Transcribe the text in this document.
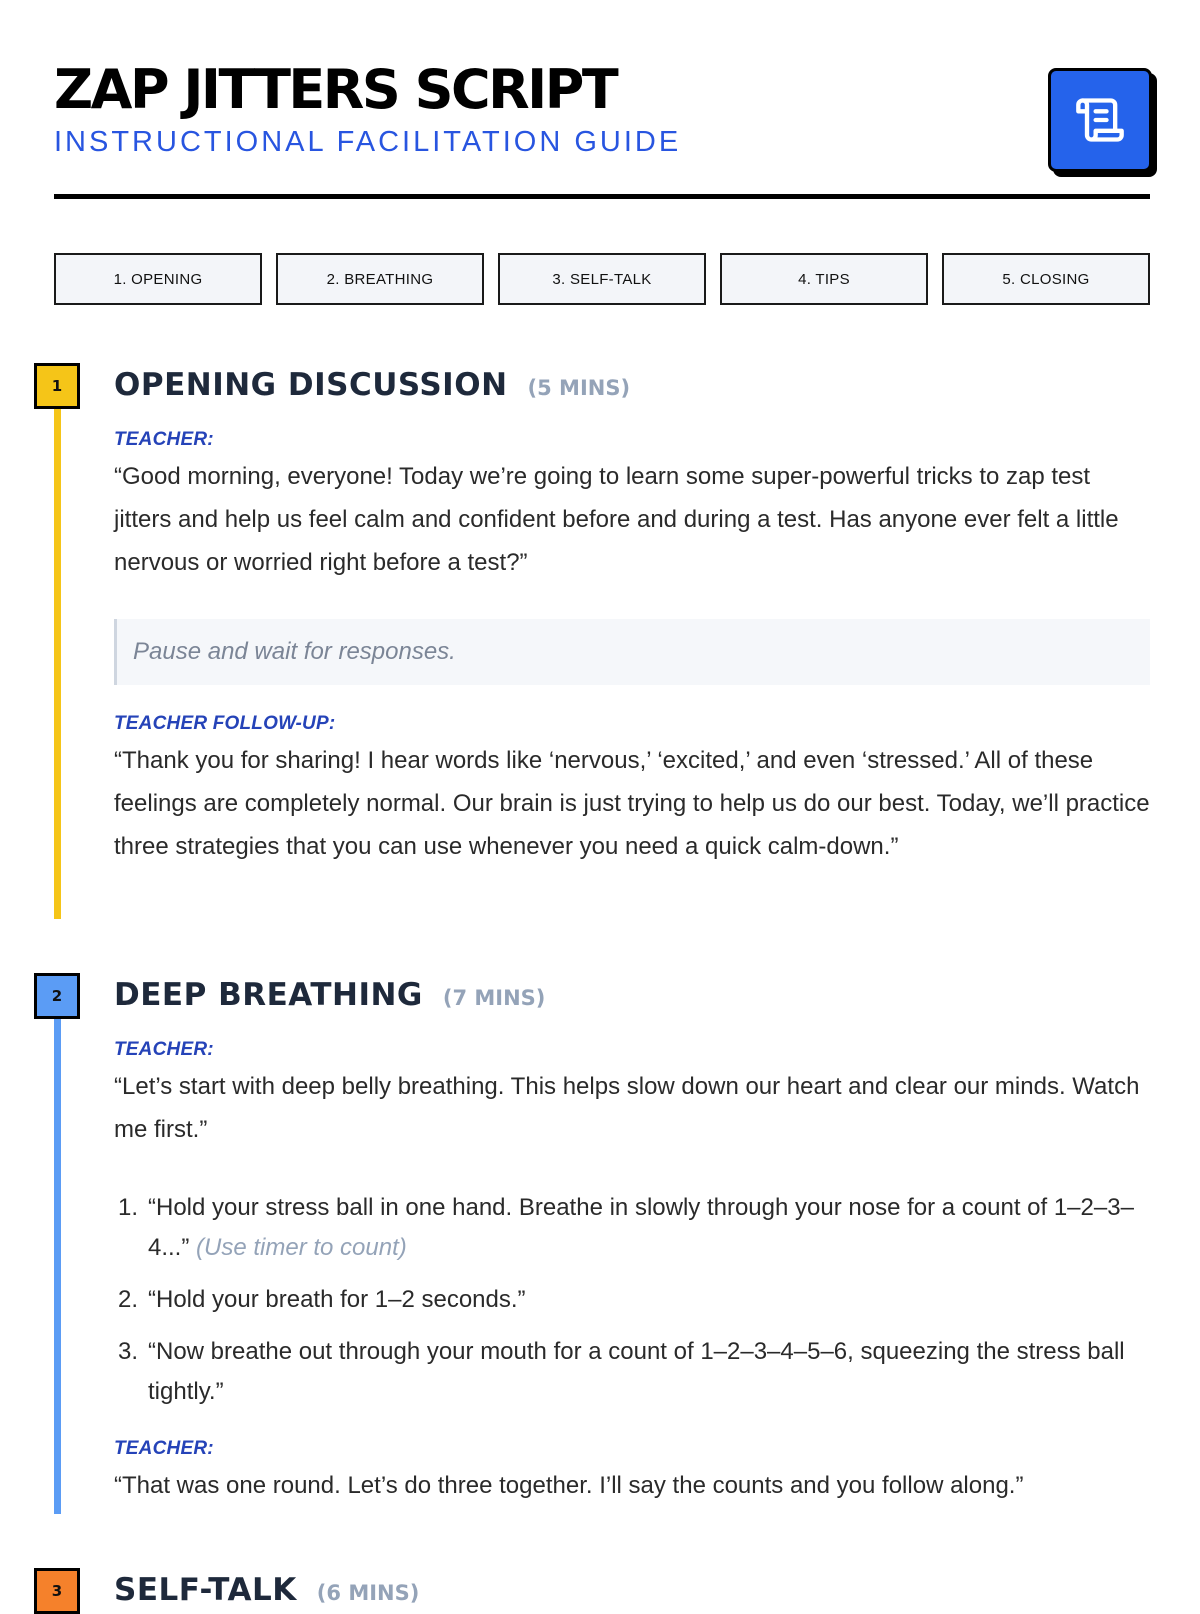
ZAP JITTERS SCRIPT
INSTRUCTIONAL FACILITATION GUIDE
1. OPENING	2. BREATHING	3. SELF-TALK	4. TIPS	5. CLOSING
1	OPENING DISCUSSION (5 MINS)
TEACHER:

“Good morning, everyone! Today we’re going to learn some super-powerful tricks to zap test jitters and help us feel calm and confident before and during a test. Has anyone ever felt a little nervous or worried right before a test?”

Pause and wait for responses.
TEACHER FOLLOW-UP:

“Thank you for sharing! I hear words like ‘nervous,’ ‘excited,’ and even ‘stressed.’ All of these feelings are completely normal. Our brain is just trying to help us do our best. Today, we’ll practice three strategies that you can use whenever you need a quick calm-down.”

2	DEEP BREATHING (7 MINS)
TEACHER:

“Let’s start with deep belly breathing. This helps slow down our heart and clear our minds. Watch me first.”

1. “Hold your stress ball in one hand. Breathe in slowly through your nose for a count of 1–2–3–4...” (Use timer to count)
2. “Hold your breath for 1–2 seconds.”
3. “Now breathe out through your mouth for a count of 1–2–3–4–5–6, squeezing the stress ball tightly.”
TEACHER:

“That was one round. Let’s do three together. I’ll say the counts and you follow along.”

3	SELF-TALK (6 MINS)
